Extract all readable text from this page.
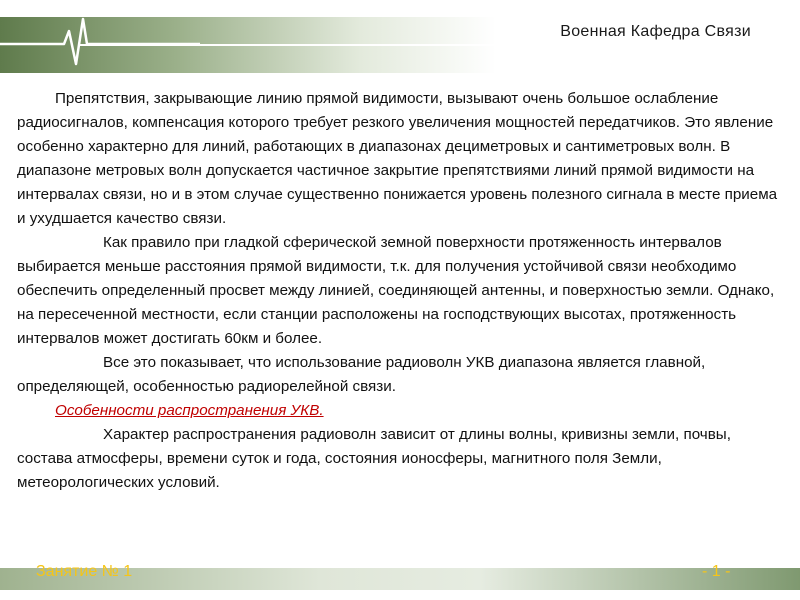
Военная Кафедра Связи

Препятствия, закрывающие линию прямой видимости, вызывают очень большое ослабление радиосигналов, компенсация которого требует резкого увеличения мощностей передатчиков. Это явление особенно характерно для линий, работающих в диапазонах дециметровых и сантиметровых волн. В диапазоне метровых волн допускается частичное закрытие препятствиями линий прямой видимости на интервалах связи, но и в этом случае существенно понижается уровень полезного сигнала в месте приема и ухудшается качество связи.

Как правило при гладкой сферической земной поверхности протяженность интервалов выбирается меньше расстояния прямой видимости, т.к. для получения устойчивой связи необходимо обеспечить определенный просвет между линией, соединяющей антенны, и поверхностью земли. Однако, на пересеченной местности, если станции расположены на господствующих высотах, протяженность интервалов может достигать 60км и более.

Все это показывает, что использование радиоволн УКВ диапазона является главной, определяющей, особенностью радиорелейной связи.

Особенности распространения УКВ.

Характер распространения радиоволн зависит от длины волны, кривизны земли, почвы, состава атмосферы, времени суток и года, состояния ионосферы, магнитного поля Земли, метеорологических условий.

Занятие № 1	- 1 -
